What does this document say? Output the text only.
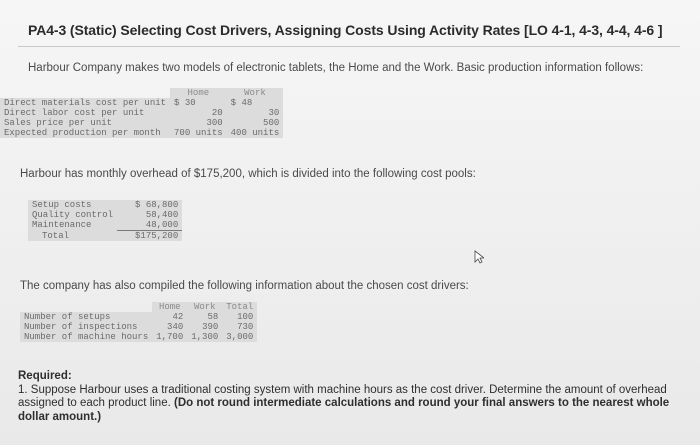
PA4-3 (Static) Selecting Cost Drivers, Assigning Costs Using Activity Rates [LO 4-1, 4-3, 4-4, 4-6 ]
Harbour Company makes two models of electronic tablets, the Home and the Work. Basic production information follows:
	Home	Work
Direct materials cost per unit	$ 30	$ 48
Direct labor cost per unit	20	30
Sales price per unit	300	500
Expected production per month	700 units	400 units
Harbour has monthly overhead of $175,200, which is divided into the following cost pools:
Setup costs	$ 68,800
Quality control	58,400
Maintenance	48,000
Total	$175,200
The company has also compiled the following information about the chosen cost drivers:
	Home	Work	Total
Number of setups	42	58	100
Number of inspections	340	390	730
Number of machine hours	1,700	1,300	3,000
Required:
1. Suppose Harbour uses a traditional costing system with machine hours as the cost driver. Determine the amount of overhead assigned to each product line. (Do not round intermediate calculations and round your final answers to the nearest whole dollar amount.)
